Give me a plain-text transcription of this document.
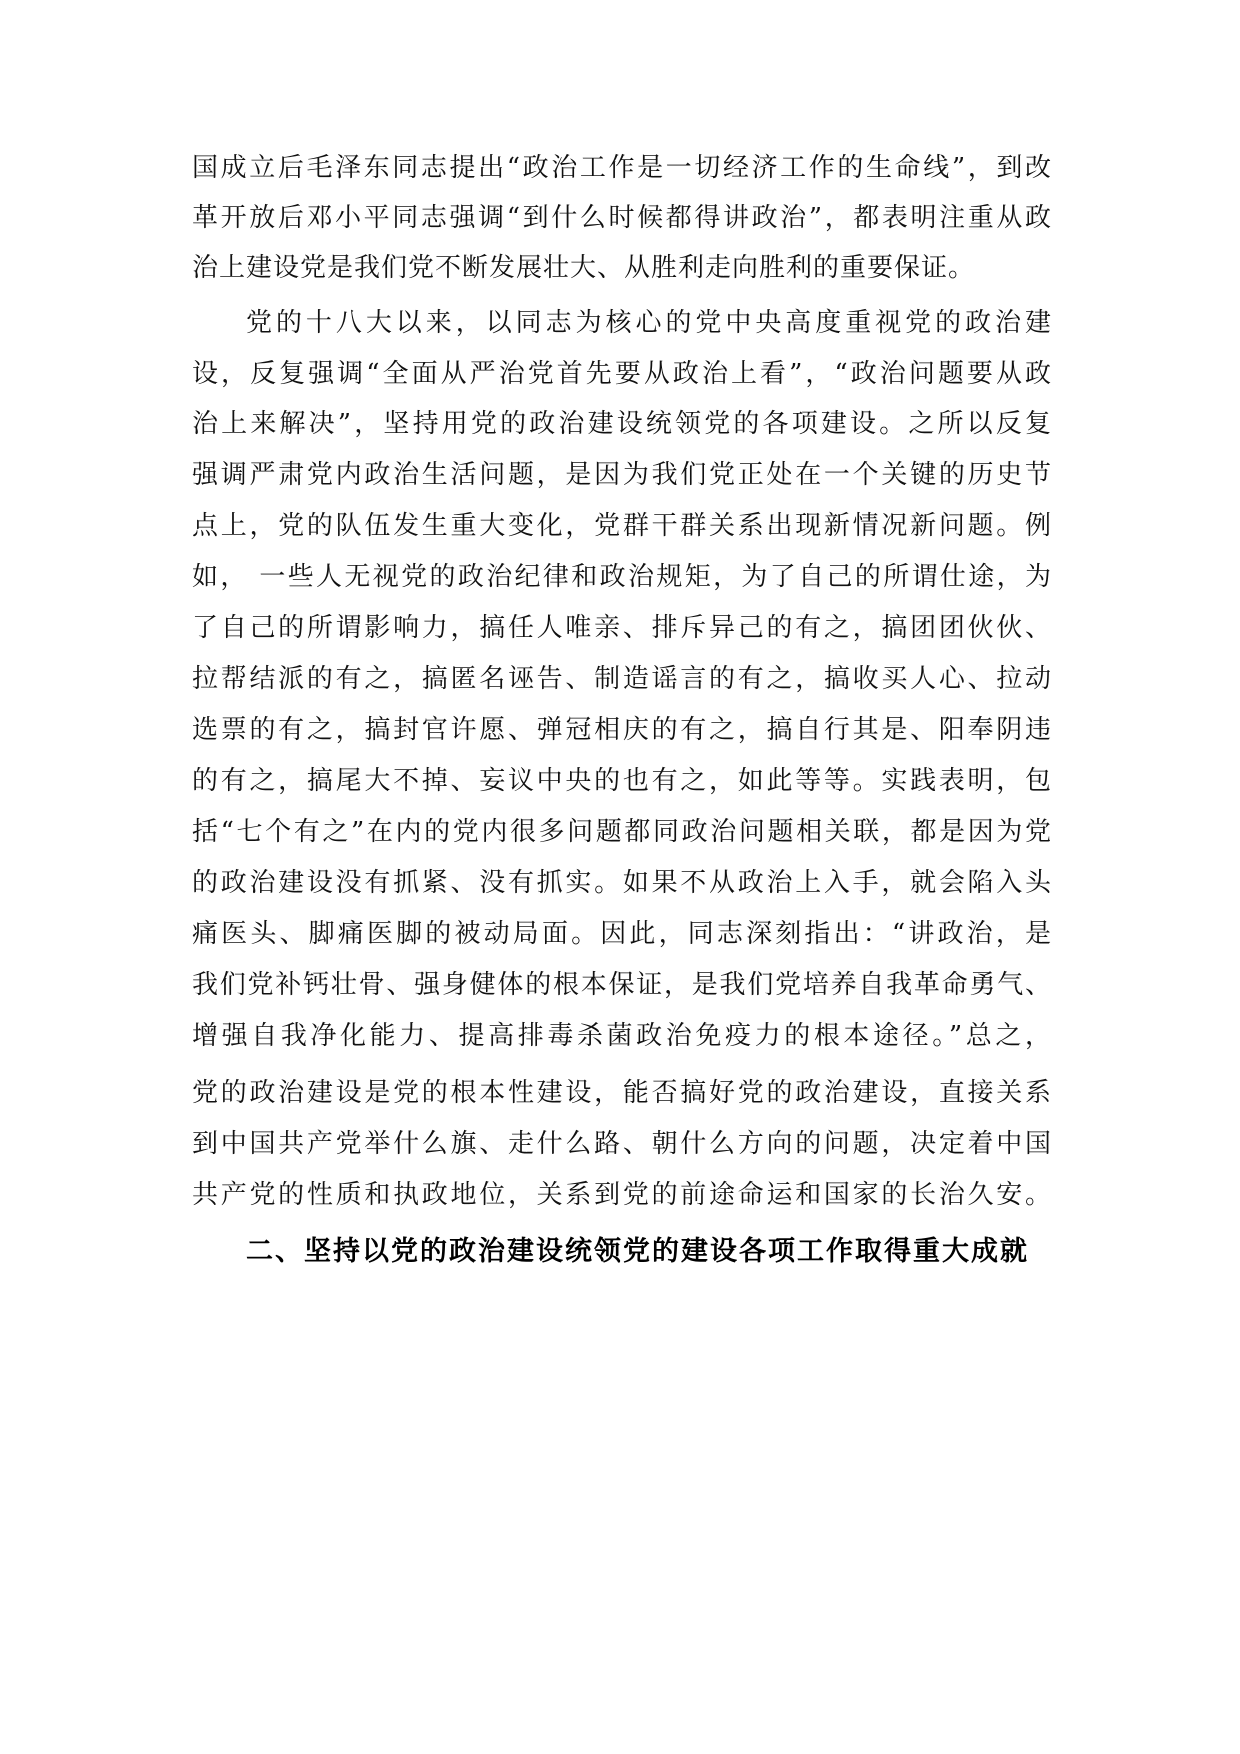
国成立后毛泽东同志提出“政治工作是一切经济工作的生命线”，到改
革开放后邓小平同志强调“到什么时候都得讲政治”，都表明注重从政
治上建设党是我们党不断发展壮大、从胜利走向胜利的重要保证。
党的十八大以来，以同志为核心的党中央高度重视党的政治建
设，反复强调“全面从严治党首先要从政治上看”，“政治问题要从政
治上来解决”，坚持用党的政治建设统领党的各项建设。之所以反复
强调严肃党内政治生活问题，是因为我们党正处在一个关键的历史节
点上，党的队伍发生重大变化，党群干群关系出现新情况新问题。例
如， 一些人无视党的政治纪律和政治规矩，为了自己的所谓仕途，为
了自己的所谓影响力，搞任人唯亲、排斥异己的有之，搞团团伙伙、
拉帮结派的有之，搞匿名诬告、制造谣言的有之，搞收买人心、拉动
选票的有之，搞封官许愿、弹冠相庆的有之，搞自行其是、阳奉阴违
的有之，搞尾大不掉、妄议中央的也有之，如此等等。实践表明，包
括“七个有之”在内的党内很多问题都同政治问题相关联，都是因为党
的政治建设没有抓紧、没有抓实。如果不从政治上入手，就会陷入头
痛医头、脚痛医脚的被动局面。因此，同志深刻指出：“讲政治，是
我们党补钙壮骨、强身健体的根本保证，是我们党培养自我革命勇气、
增强自我净化能力、提高排毒杀菌政治免疫力的根本途径。”总之，
党的政治建设是党的根本性建设，能否搞好党的政治建设，直接关系
到中国共产党举什么旗、走什么路、朝什么方向的问题，决定着中国
共产党的性质和执政地位，关系到党的前途命运和国家的长治久安。
二、坚持以党的政治建设统领党的建设各项工作取得重大成就
